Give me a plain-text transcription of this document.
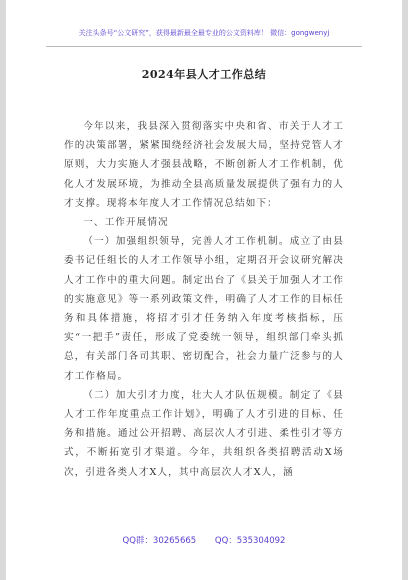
关注头条号“公文研究”，获得最新最全最专业的公文资料库！ 微信：gongwenyj
2024年县人才工作总结

今年以来，我县深入贯彻落实中央和省、市关于人才工作的决策部署，紧紧围绕经济社会发展大局，坚持党管人才原则，大力实施人才强县战略，不断创新人才工作机制，优化人才发展环境，为推动全县高质量发展提供了强有力的人才支撑。现将本年度人才工作情况总结如下：

一、工作开展情况

（一）加强组织领导，完善人才工作机制。成立了由县委书记任组长的人才工作领导小组，定期召开会议研究解决人才工作中的重大问题。制定出台了《县关于加强人才工作的实施意见》等一系列政策文件，明确了人才工作的目标任务和具体措施，将招才引才任务纳入年度考核指标，压实“一把手”责任，形成了党委统一领导，组织部门牵头抓总，有关部门各司其职、密切配合，社会力量广泛参与的人才工作格局。

（二）加大引才力度，壮大人才队伍规模。制定了《县人才工作年度重点工作计划》，明确了人才引进的目标、任务和措施。通过公开招聘、高层次人才引进、柔性引才等方式，不断拓宽引才渠道。今年，共组织各类招聘活动X场次，引进各类人才X人，其中高层次人才X人，涵

QQ群：30265665 QQ：535304092
